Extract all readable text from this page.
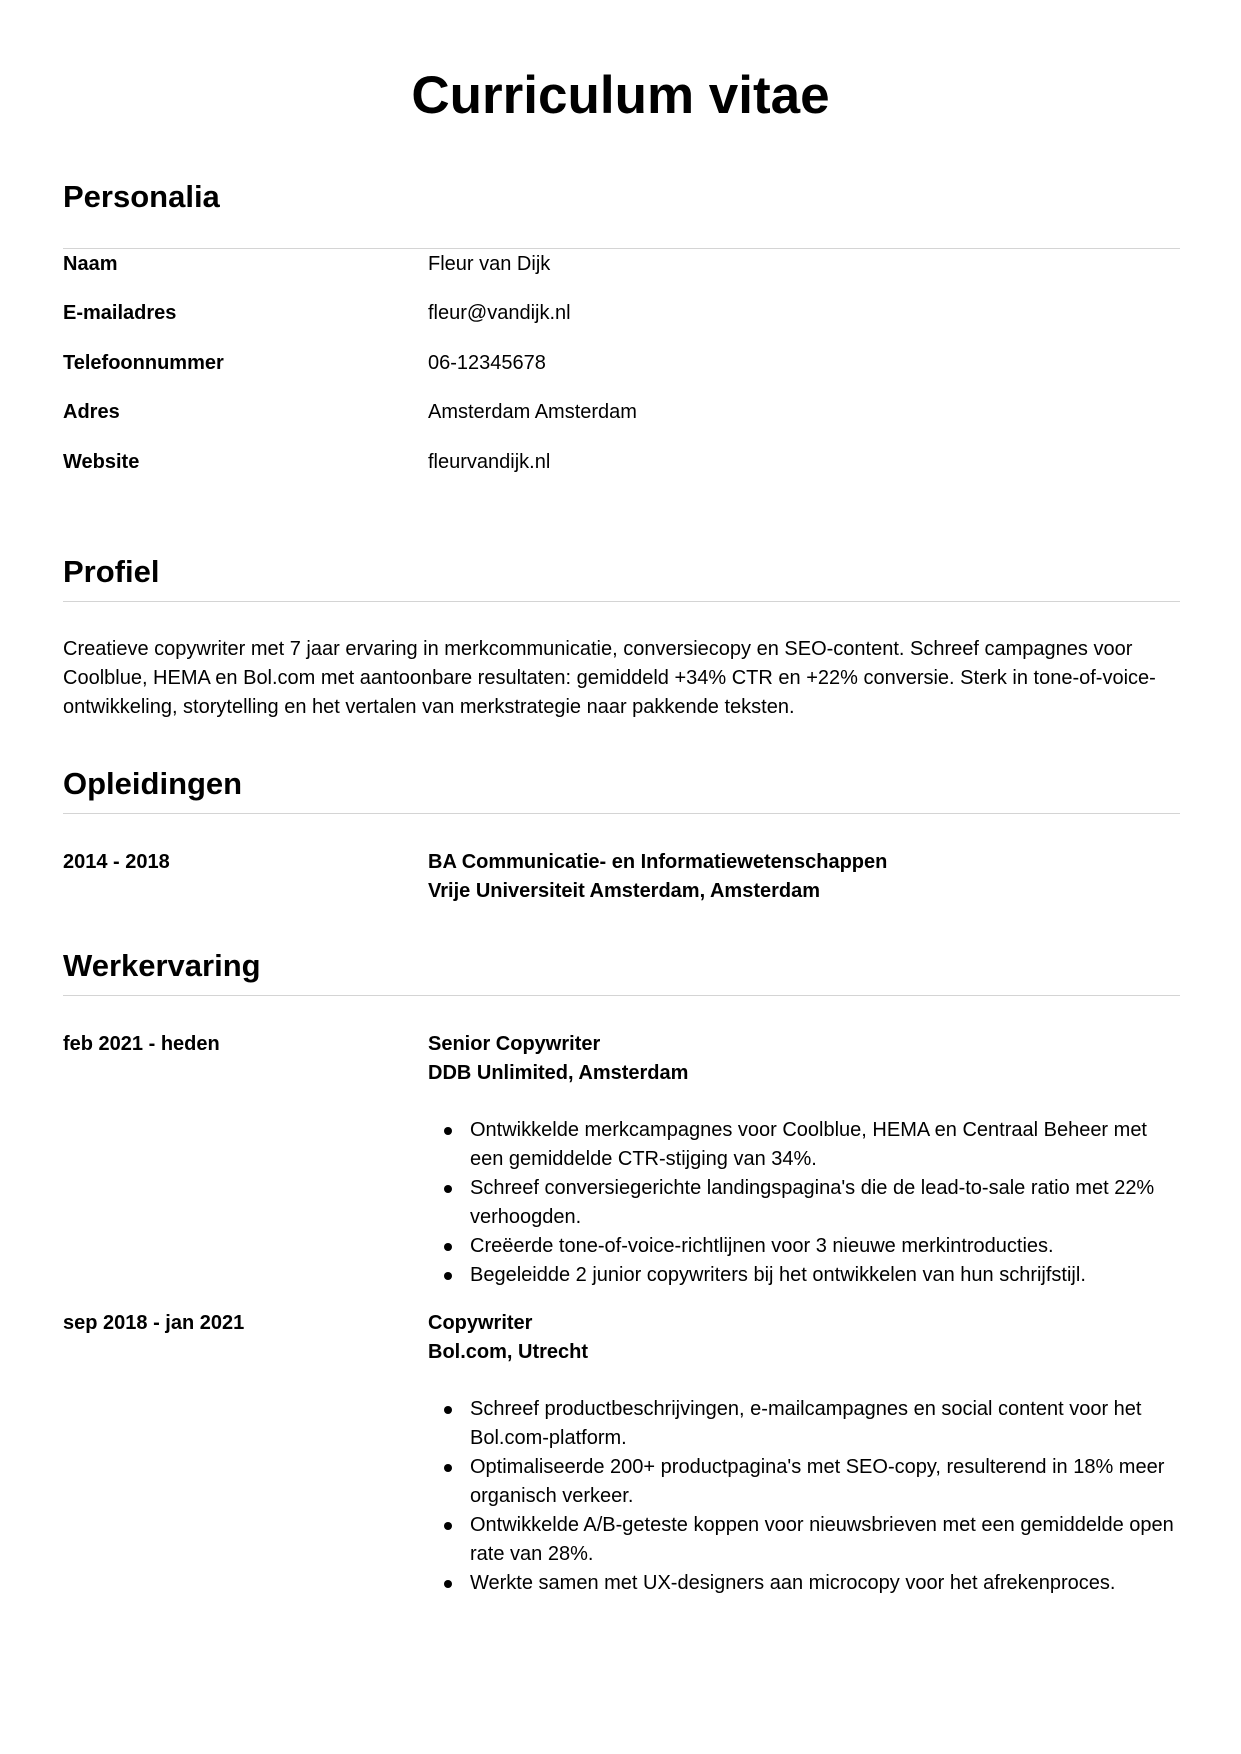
Curriculum vitae
Personalia
Naam	Fleur van Dijk
E-mailadres	fleur@vandijk.nl
Telefoonnummer	06-12345678
Adres	Amsterdam Amsterdam
Website	fleurvandijk.nl
Profiel
Creatieve copywriter met 7 jaar ervaring in merkcommunicatie, conversiecopy en SEO-content. Schreef campagnes voor Coolblue, HEMA en Bol.com met aantoonbare resultaten: gemiddeld +34% CTR en +22% conversie. Sterk in tone-of-voice-ontwikkeling, storytelling en het vertalen van merkstrategie naar pakkende teksten.
Opleidingen
2014 - 2018	BA Communicatie- en Informatiewetenschappen
Vrije Universiteit Amsterdam, Amsterdam
Werkervaring
feb 2021 - heden	Senior Copywriter
DDB Unlimited, Amsterdam
Ontwikkelde merkcampagnes voor Coolblue, HEMA en Centraal Beheer met een gemiddelde CTR-stijging van 34%.
Schreef conversiegerichte landingspagina's die de lead-to-sale ratio met 22% verhoogden.
Creëerde tone-of-voice-richtlijnen voor 3 nieuwe merkintroducties.
Begeleidde 2 junior copywriters bij het ontwikkelen van hun schrijfstijl.
sep 2018 - jan 2021	Copywriter
Bol.com, Utrecht
Schreef productbeschrijvingen, e-mailcampagnes en social content voor het Bol.com-platform.
Optimaliseerde 200+ productpagina's met SEO-copy, resulterend in 18% meer organisch verkeer.
Ontwikkelde A/B-geteste koppen voor nieuwsbrieven met een gemiddelde open rate van 28%.
Werkte samen met UX-designers aan microcopy voor het afrekenproces.
